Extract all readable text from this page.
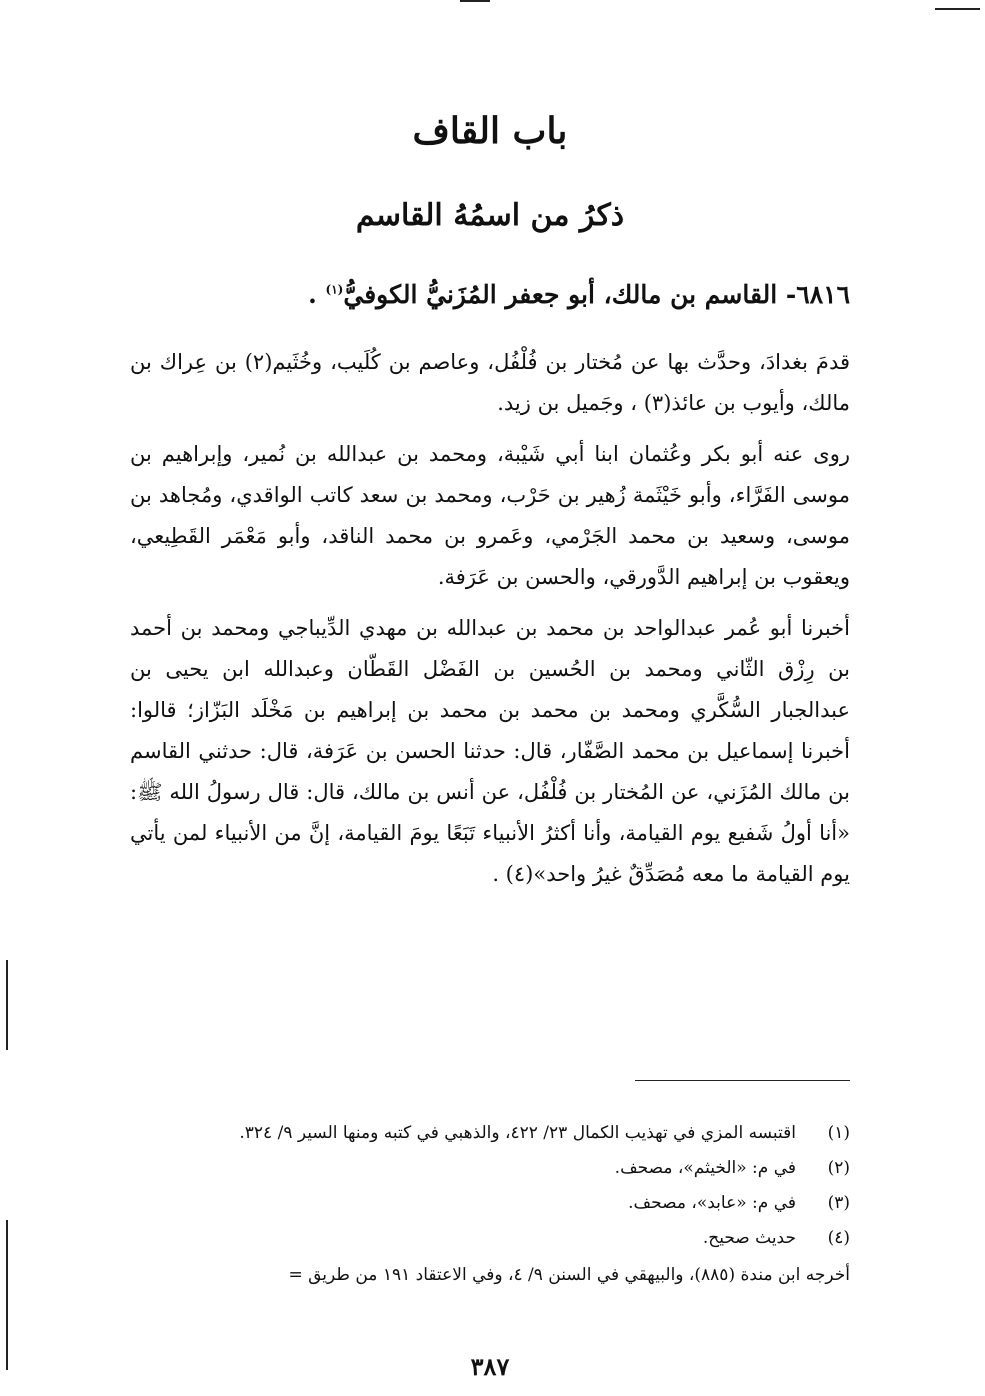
باب القاف
ذكرُ من اسمُهُ القاسم
٦٨١٦- القاسم بن مالك، أبو جعفر المُزَنيُّ الكوفيُّ$^{(١)}$ .

قدمَ بغدادَ، وحدَّث بها عن مُختار بن فُلْفُل، وعاصم بن كُلَيب، وخُثَيم(٢) بن عِراك بن مالك، وأيوب بن عائذ(٣) ، وجَميل بن زيد.

روى عنه أبو بكر وعُثمان ابنا أبي شَيْبة، ومحمد بن عبدالله بن نُمير، وإبراهيم بن موسى الفَرَّاء، وأبو خَيْثَمة زُهير بن حَرْب، ومحمد بن سعد كاتب الواقدي، ومُجاهد بن موسى، وسعيد بن محمد الجَرْمي، وعَمرو بن محمد الناقد، وأبو مَعْمَر القَطِيعي، ويعقوب بن إبراهيم الدَّورقي، والحسن بن عَرَفة.

أخبرنا أبو عُمر عبدالواحد بن محمد بن عبدالله بن مهدي الدِّيباجي ومحمد بن أحمد بن رِزْق الثّاني ومحمد بن الحُسين بن الفَضْل القَطّان وعبدالله ابن يحيى بن عبدالجبار السُّكَّري ومحمد بن محمد بن محمد بن إبراهيم بن مَخْلَد البَزّاز؛ قالوا: أخبرنا إسماعيل بن محمد الصَّفّار، قال: حدثنا الحسن بن عَرَفة، قال: حدثني القاسم بن مالك المُزَني، عن المُختار بن فُلْفُل، عن أنس بن مالك، قال: قال رسولُ الله ﷺ: «أنا أولُ شَفيع يوم القيامة، وأنا أكثرُ الأنبياء تَبَعًا يومَ القيامة، إنَّ من الأنبياء لمن يأتي يوم القيامة ما معه مُصَدِّقٌ غيرُ واحد»(٤) .

(١)
اقتبسه المزي في تهذيب الكمال ٢٣/ ٤٢٢، والذهبي في كتبه ومنها السير ٩/ ٣٢٤.
(٢)
في م: «الخيثم»، مصحف.
(٣)
في م: «عابد»، مصحف.
(٤)
حديث صحيح.
أخرجه ابن مندة (٨٨٥)، والبيهقي في السنن ٩/ ٤، وفي الاعتقاد ١٩١ من طريق =
٣٨٧
